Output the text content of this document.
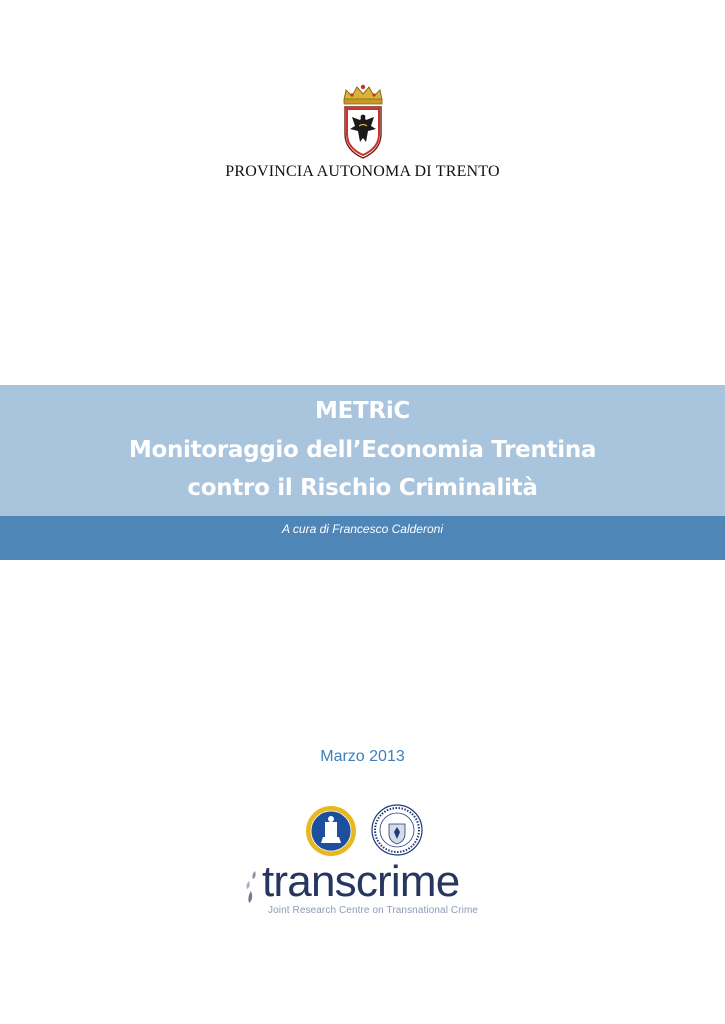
PROVINCIA AUTONOMA DI TRENTO
METRiC
Monitoraggio dell’Economia Trentina
contro il Rischio Criminalità
A cura di Francesco Calderoni
Marzo 2013
transcrime
Joint Research Centre on Transnational Crime
